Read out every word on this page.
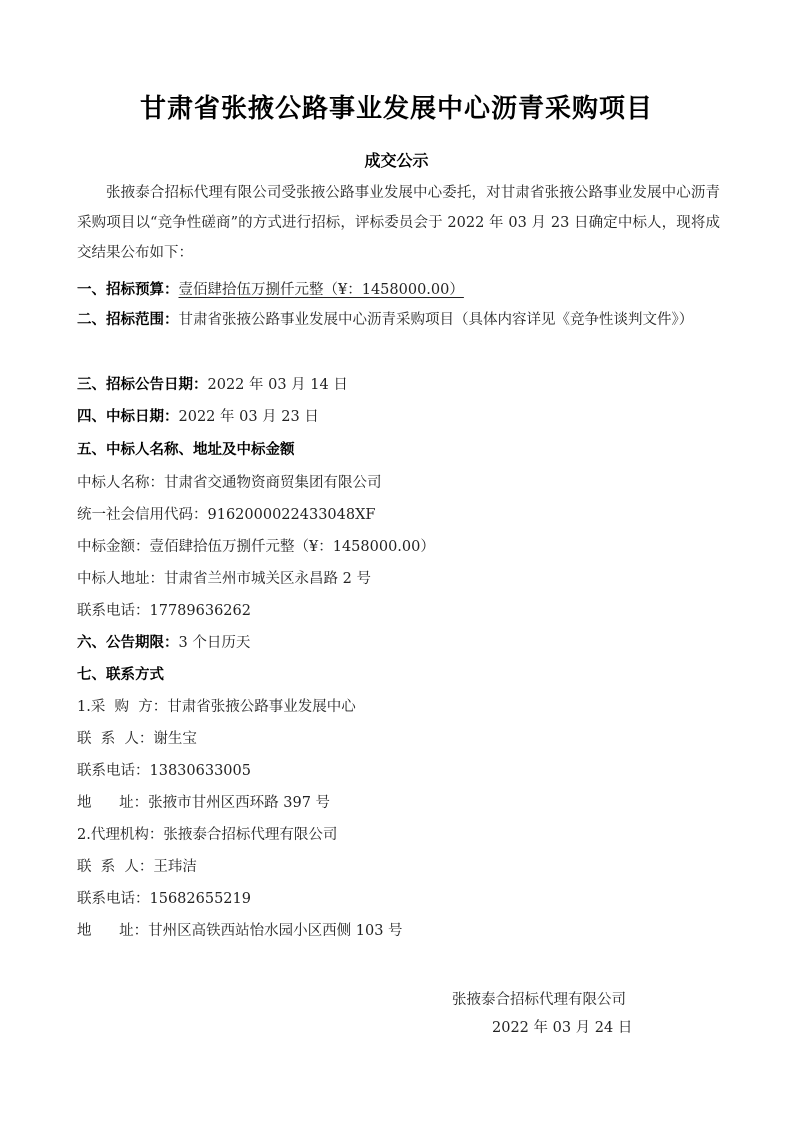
甘肃省张掖公路事业发展中心沥青采购项目
成交公示
张掖泰合招标代理有限公司受张掖公路事业发展中心委托，对甘肃省张掖公路事业发展中心沥青采购项目以“竞争性磋商”的方式进行招标，评标委员会于 2022 年 03 月 23 日确定中标人，现将成交结果公布如下：
一、招标预算：壹佰肆拾伍万捌仟元整（¥：1458000.00）
二、招标范围：甘肃省张掖公路事业发展中心沥青采购项目（具体内容详见《竞争性谈判文件》）
三、招标公告日期：2022 年 03 月 14 日
四、中标日期：2022 年 03 月 23 日
五、中标人名称、地址及中标金额
中标人名称：甘肃省交通物资商贸集团有限公司
统一社会信用代码：916200002243304​8XF
中标金额：壹佰肆拾伍万捌仟元整（¥：1458000.00）
中标人地址：甘肃省兰州市城关区永昌路 2 号
联系电话：17789636262
六、公告期限：3 个日历天
七、联系方式
1.采  购  方：甘肃省张掖公路事业发展中心
联  系  人：谢生宝
联系电话：13830633005
地      址：张掖市甘州区西环路 397 号
2.代理机构：张掖泰合招标代理有限公司
联  系  人：王玮洁
联系电话：15682655219
地      址：甘州区高铁西站怡水园小区西侧 103 号
张掖泰合招标代理有限公司
2022 年 03 月 24 日
